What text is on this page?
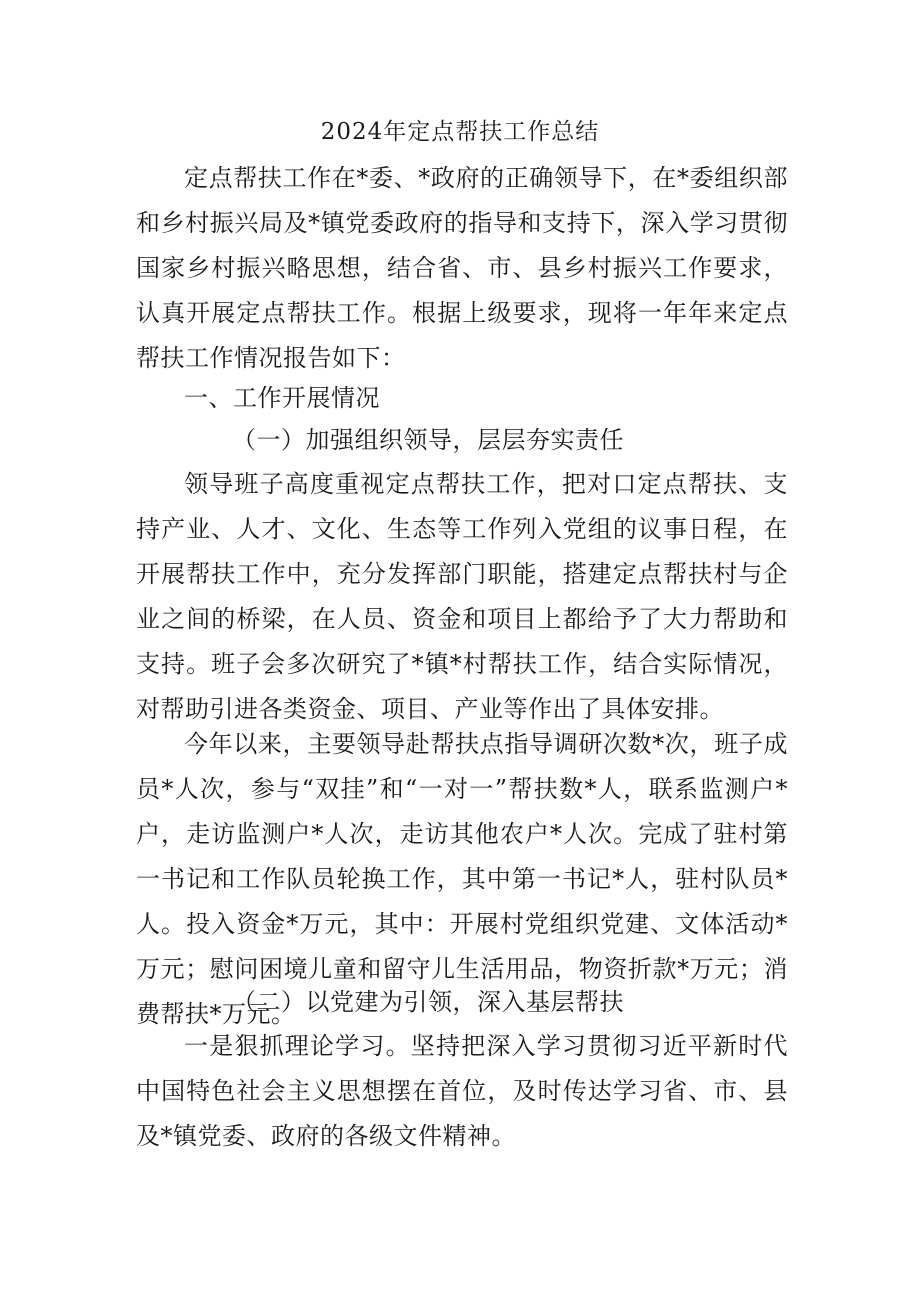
2024年定点帮扶工作总结

定点帮扶工作在*委、*政府的正确领导下，在*委组织部和乡村振兴局及*镇党委政府的指导和支持下，深入学习贯彻国家乡村振兴略思想，结合省、市、县乡村振兴工作要求，认真开展定点帮扶工作。根据上级要求，现将一年年来定点帮扶工作情况报告如下：

一、工作开展情况

（一）加强组织领导，层层夯实责任

领导班子高度重视定点帮扶工作，把对口定点帮扶、支持产业、人才、文化、生态等工作列入党组的议事日程，在开展帮扶工作中，充分发挥部门职能，搭建定点帮扶村与企业之间的桥梁，在人员、资金和项目上都给予了大力帮助和支持。班子会多次研究了*镇*村帮扶工作，结合实际情况，对帮助引进各类资金、项目、产业等作出了具体安排。

今年以来，主要领导赴帮扶点指导调研次数*次，班子成员*人次，参与“双挂”和“一对一”帮扶数*人，联系监测户*户，走访监测户*人次，走访其他农户*人次。完成了驻村第一书记和工作队员轮换工作，其中第一书记*人，驻村队员*人。投入资金*万元，其中：开展村党组织党建、文体活动*万元；慰问困境儿童和留守儿生活用品，物资折款*万元；消费帮扶*万元。

（二）以党建为引领，深入基层帮扶

一是狠抓理论学习。坚持把深入学习贯彻习近平新时代中国特色社会主义思想摆在首位，及时传达学习省、市、县及*镇党委、政府的各级文件精神。
